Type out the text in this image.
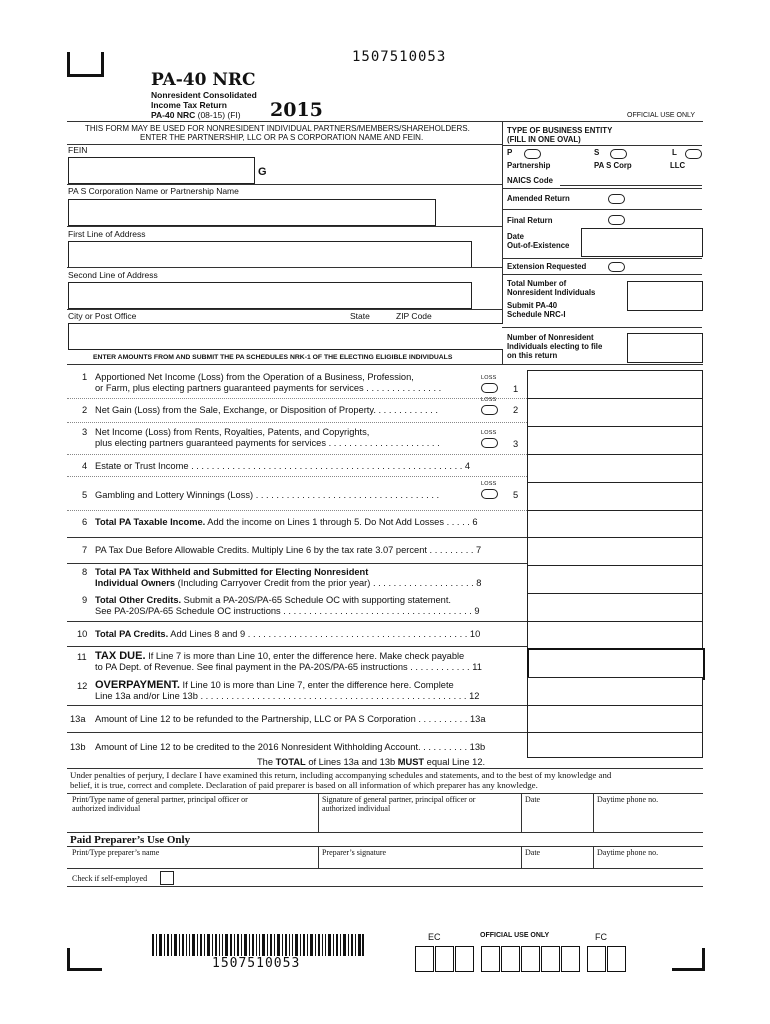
1507510053
PA-40 NRC
Nonresident Consolidated
Income Tax Return
PA-40 NRC (08-15) (FI) 2015	OFFICIAL USE ONLY
THIS FORM MAY BE USED FOR NONRESIDENT INDIVIDUAL PARTNERS/MEMBERS/SHAREHOLDERS.
ENTER THE PARTNERSHIP, LLC OR PA S CORPORATION NAME AND FEIN.
FEIN
G
PA S Corporation Name or Partnership Name
First Line of Address
Second Line of Address
City or Post Office	State	ZIP Code
ENTER AMOUNTS FROM AND SUBMIT THE PA SCHEDULES NRK-1 OF THE ELECTING ELIGIBLE INDIVIDUALS
TYPE OF BUSINESS ENTITY
(FILL IN ONE OVAL)
P	S	L
Partnership	PA S Corp	LLC
NAICS Code
Amended Return
Final Return
Date
Out-of-Existence
Extension Requested
Total Number of
Nonresident Individuals
Submit PA-40
Schedule NRC-I
Number of Nonresident
Individuals electing to file
on this return
1 Apportioned Net Income (Loss) from the Operation of a Business, Profession,
or Farm, plus electing partners guaranteed payments for services . . . . . . . . . . . . . . .
LOSS
1
2 Net Gain (Loss) from the Sale, Exchange, or Disposition of Property. . . . . . . . . . . . .
LOSS
2
3 Net Income (Loss) from Rents, Royalties, Patents, and Copyrights,
plus electing partners guaranteed payments for services . . . . . . . . . . . . . . . . . . . . . .
LOSS
3
4 Estate or Trust Income . . . . . . . . . . . . . . . . . . . . . . . . . . . . . . . . . . . . . . . . . . . . . . . . . . . . . 4
5 Gambling and Lottery Winnings (Loss) . . . . . . . . . . . . . . . . . . . . . . . . . . . . . . . . . . . .
LOSS
5
6 Total PA Taxable Income. Add the income on Lines 1 through 5. Do Not Add Losses . . . . . 6
7 PA Tax Due Before Allowable Credits. Multiply Line 6 by the tax rate 3.07 percent . . . . . . . . . 7
8 Total PA Tax Withheld and Submitted for Electing Nonresident
Individual Owners (Including Carryover Credit from the prior year) . . . . . . . . . . . . . . . . . . . . 8
9 Total Other Credits. Submit a PA-20S/PA-65 Schedule OC with supporting statement.
See PA-20S/PA-65 Schedule OC instructions . . . . . . . . . . . . . . . . . . . . . . . . . . . . . . . . . . . . . 9
10 Total PA Credits. Add Lines 8 and 9 . . . . . . . . . . . . . . . . . . . . . . . . . . . . . . . . . . . . . . . . . . . 10
11 TAX DUE. If Line 7 is more than Line 10, enter the difference here. Make check payable
to PA Dept. of Revenue. See final payment in the PA-20S/PA-65 instructions . . . . . . . . . . . . 11
12 OVERPAYMENT. If Line 10 is more than Line 7, enter the difference here. Complete
Line 13a and/or Line 13b . . . . . . . . . . . . . . . . . . . . . . . . . . . . . . . . . . . . . . . . . . . . . . . . . . . . 12
13a Amount of Line 12 to be refunded to the Partnership, LLC or PA S Corporation . . . . . . . . . . 13a
13b Amount of Line 12 to be credited to the 2016 Nonresident Withholding Account. . . . . . . . . . 13b
The TOTAL of Lines 13a and 13b MUST equal Line 12.
Under penalties of perjury, I declare I have examined this return, including accompanying schedules and statements, and to the best of my knowledge and
belief, it is true, correct and complete. Declaration of paid preparer is based on all information of which preparer has any knowledge.
Print/Type name of general partner, principal officer or
authorized individual
Signature of general partner, principal officer or
authorized individual
Date	Daytime phone no.
Paid Preparer’s Use Only
Print/Type preparer’s name	Preparer’s signature	Date	Daytime phone no.
Check if self-employed
1507510053
EC	OFFICIAL USE ONLY	FC
